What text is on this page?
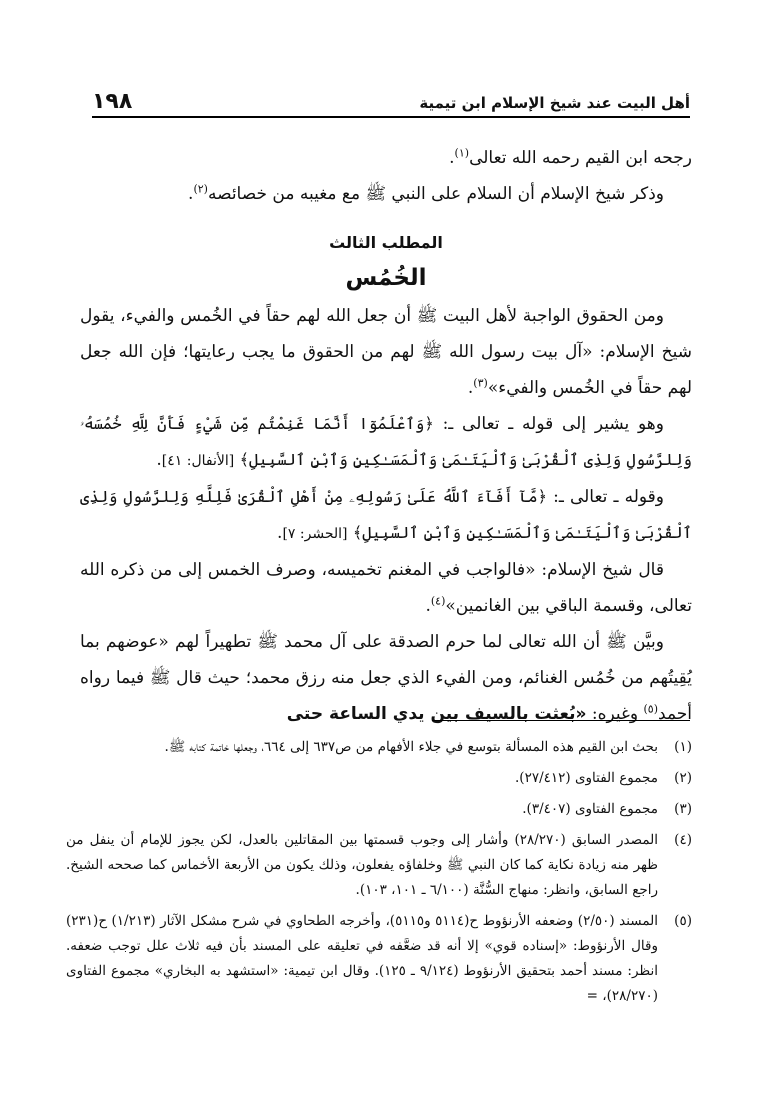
١٩٨	أهل البيت عند شيخ الإسلام ابن تيمية

رجحه ابن القيم رحمه الله تعالى$^{(١)}$.

وذكر شيخ الإسلام أن السلام على النبي ﷺ مع مغيبه من خصائصه$^{(٢)}$.

المطلب الثالث

الخُمُس

ومن الحقوق الواجبة لأهل البيت ﷺ أن جعل الله لهم حقاً في الخُمس والفيء، يقول شيخ الإسلام: «آل بيت رسول الله ﷺ لهم من الحقوق ما يجب رعايتها؛ فإن الله جعل لهم حقاً في الخُمس والفيء»$^{(٣)}$.

وهو يشير إلى قوله ـ تعالى ـ: ﴿وَٱعْلَمُوٓا أَنَّمَا غَنِمْتُم مِّن شَيْءٍ فَأَنَّ لِلَّهِ خُمُسَهُۥ وَلِلرَّسُولِ وَلِذِى ٱلْقُرْبَىٰ وَٱلْيَتَـٰمَىٰ وَٱلْمَسَـٰكِينِ وَٱبْنِ ٱلسَّبِيلِ﴾ [الأنفال: ٤١].

وقوله ـ تعالى ـ: ﴿مَّآ أَفَآءَ ٱللَّهُ عَلَىٰ رَسُولِهِۦ مِنْ أَهْلِ ٱلْقُرَىٰ فَلِلَّهِ وَلِلرَّسُولِ وَلِذِى ٱلْقُرْبَىٰ وَٱلْيَتَـٰمَىٰ وَٱلْمَسَـٰكِينِ وَٱبْنِ ٱلسَّبِيلِ﴾ [الحشر: ٧].

قال شيخ الإسلام: «فالواجب في المغنم تخميسه، وصرف الخمس إلى من ذكره الله تعالى، وقسمة الباقي بين الغانمين»$^{(٤)}$.

وبيَّن ﷺ أن الله تعالى لما حرم الصدقة على آل محمد ﷺ تطهيراً لهم «عوضهم بما يُقِيتُهم من خُمُس الغنائم، ومن الفيء الذي جعل منه رزق محمد؛ حيث قال ﷺ فيما رواه أحمد$^{(٥)}$ وغيره: «بُعثت بالسيف بين يدي الساعة حتى

(١)
بحث ابن القيم هذه المسألة بتوسع في جلاء الأفهام من ص٦٣٧ إلى ٦٦٤، وجعلها خاتمة كتابه ﷺ.
(٢)
مجموع الفتاوى (٢٧/٤١٢).
(٣)
مجموع الفتاوى (٣/٤٠٧).
(٤)
المصدر السابق (٢٨/٢٧٠) وأشار إلى وجوب قسمتها بين المقاتلين بالعدل، لكن يجوز للإمام أن ينفل من ظهر منه زيادة نكاية كما كان النبي ﷺ وخلفاؤه يفعلون، وذلك يكون من الأربعة الأخماس كما صححه الشيخ. راجع السابق، وانظر: منهاج السُّنَّة (٦/١٠٠ ـ ١٠١، ١٠٣).
(٥)
المسند (٢/٥٠) وضعفه الأرنؤوط ح(٥١١٤ و٥١١٥)، وأخرجه الطحاوي في شرح مشكل الآثار (١/٢١٣) ح(٢٣١) وقال الأرنؤوط: «إسناده قوي» إلا أنه قد ضعَّفه في تعليقه على المسند بأن فيه ثلاث علل توجب ضعفه. انظر: مسند أحمد بتحقيق الأرنؤوط (٩/١٢٤ ـ ١٢٥). وقال ابن تيمية: «استشهد به البخاري» مجموع الفتاوى (٢٨/٢٧٠)، =
